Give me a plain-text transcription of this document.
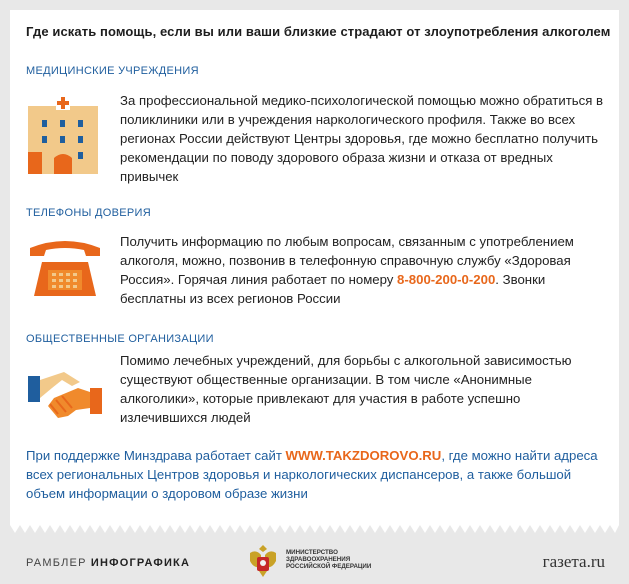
Где искать помощь, если вы или ваши близкие страдают от злоупотребления алкоголем

МЕДИЦИНСКИЕ УЧРЕЖДЕНИЯ
За профессиональной медико-психологической помощью можно обратиться в поликлиники или в учреждения наркологического профиля. Также во всех регионах России действуют Центры здоровья, где можно бесплатно получить рекомендации по поводу здорового образа жизни и отказа от вредных привычек
ТЕЛЕФОНЫ ДОВЕРИЯ
Получить информацию по любым вопросам, связанным с употреблением алкоголя, можно, позвонив в телефонную справочную службу «Здоровая Россия». Горячая линия работает по номеру 8-800-200-0-200. Звонки бесплатны из всех регионов России
ОБЩЕСТВЕННЫЕ ОРГАНИЗАЦИИ
Помимо лечебных учреждений, для борьбы с алкогольной зависимостью существуют общественные организации. В том числе «Анонимные алкоголики», которые привлекают для участия в работе успешно излечившихся людей
При поддержке Минздрава работает сайт WWW.TAKZDOROVO.RU, где можно найти адреса всех региональных Центров здоровья и наркологических диспансеров, а также большой объем информации о здоровом образе жизни
РАМБЛЕР ИНФОГРАФИКА
МИНИСТЕРСТВО
ЗДРАВООХРАНЕНИЯ
РОССИЙСКОЙ ФЕДЕРАЦИИ	газета.ru
